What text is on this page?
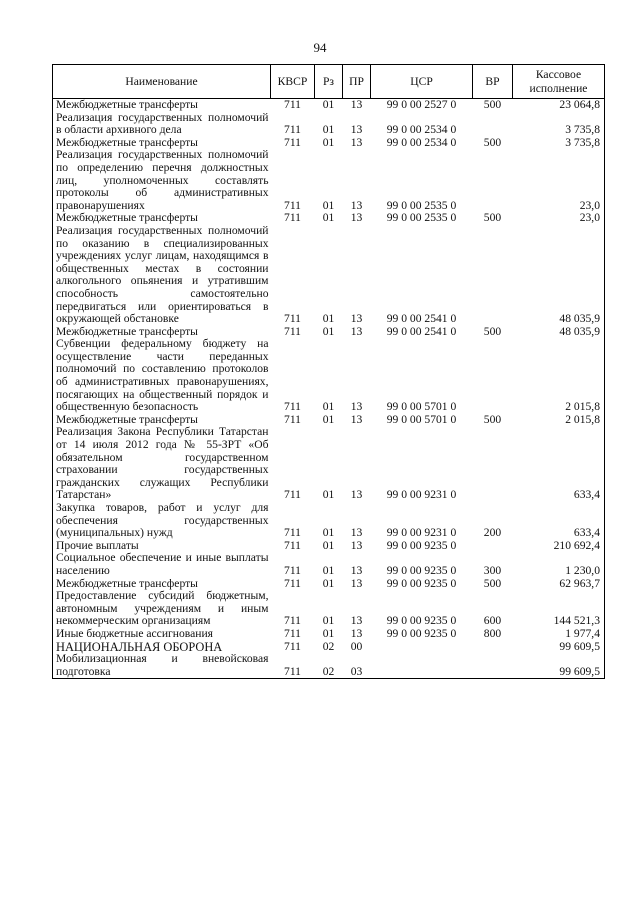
94
Наименование	КВСР	Рз	ПР	ЦСР	ВР	Кассовое исполнение
Межбюджетные трансферты	711	01	13	99 0 00 2527 0	500	23 064,8
Реализация государственных полномочий в области архивного дела	711	01	13	99 0 00 2534 0		3 735,8
Межбюджетные трансферты	711	01	13	99 0 00 2534 0	500	3 735,8
Реализация государственных полномочий по определению перечня должностных лиц, уполномоченных составлять протоколы об административных правонарушениях	711	01	13	99 0 00 2535 0		23,0
Межбюджетные трансферты	711	01	13	99 0 00 2535 0	500	23,0
Реализация государственных полномочий по оказанию в специализированных учреждениях услуг лицам, находящимся в общественных местах в состоянии алкогольного опьянения и утратившим способность самостоятельно передвигаться или ориентироваться в окружающей обстановке	711	01	13	99 0 00 2541 0		48 035,9
Межбюджетные трансферты	711	01	13	99 0 00 2541 0	500	48 035,9
Субвенции федеральному бюджету на осуществление части переданных полномочий по составлению протоколов об административных правонарушениях, посягающих на общественный порядок и общественную безопасность	711	01	13	99 0 00 5701 0		2 015,8
Межбюджетные трансферты	711	01	13	99 0 00 5701 0	500	2 015,8
Реализация Закона Республики Татарстан от 14 июля 2012 года № 55-ЗРТ «Об обязательном государственном страховании государственных гражданских служащих Республики Татарстан»	711	01	13	99 0 00 9231 0		633,4
Закупка товаров, работ и услуг для обеспечения государственных (муниципальных) нужд	711	01	13	99 0 00 9231 0	200	633,4
Прочие выплаты	711	01	13	99 0 00 9235 0		210 692,4
Социальное обеспечение и иные выплаты населению	711	01	13	99 0 00 9235 0	300	1 230,0
Межбюджетные трансферты	711	01	13	99 0 00 9235 0	500	62 963,7
Предоставление субсидий бюджетным, автономным учреждениям и иным некоммерческим организациям	711	01	13	99 0 00 9235 0	600	144 521,3
Иные бюджетные ассигнования	711	01	13	99 0 00 9235 0	800	1 977,4
НАЦИОНАЛЬНАЯ ОБОРОНА	711	02	00			99 609,5
Мобилизационная и вневойсковая подготовка	711	02	03			99 609,5
